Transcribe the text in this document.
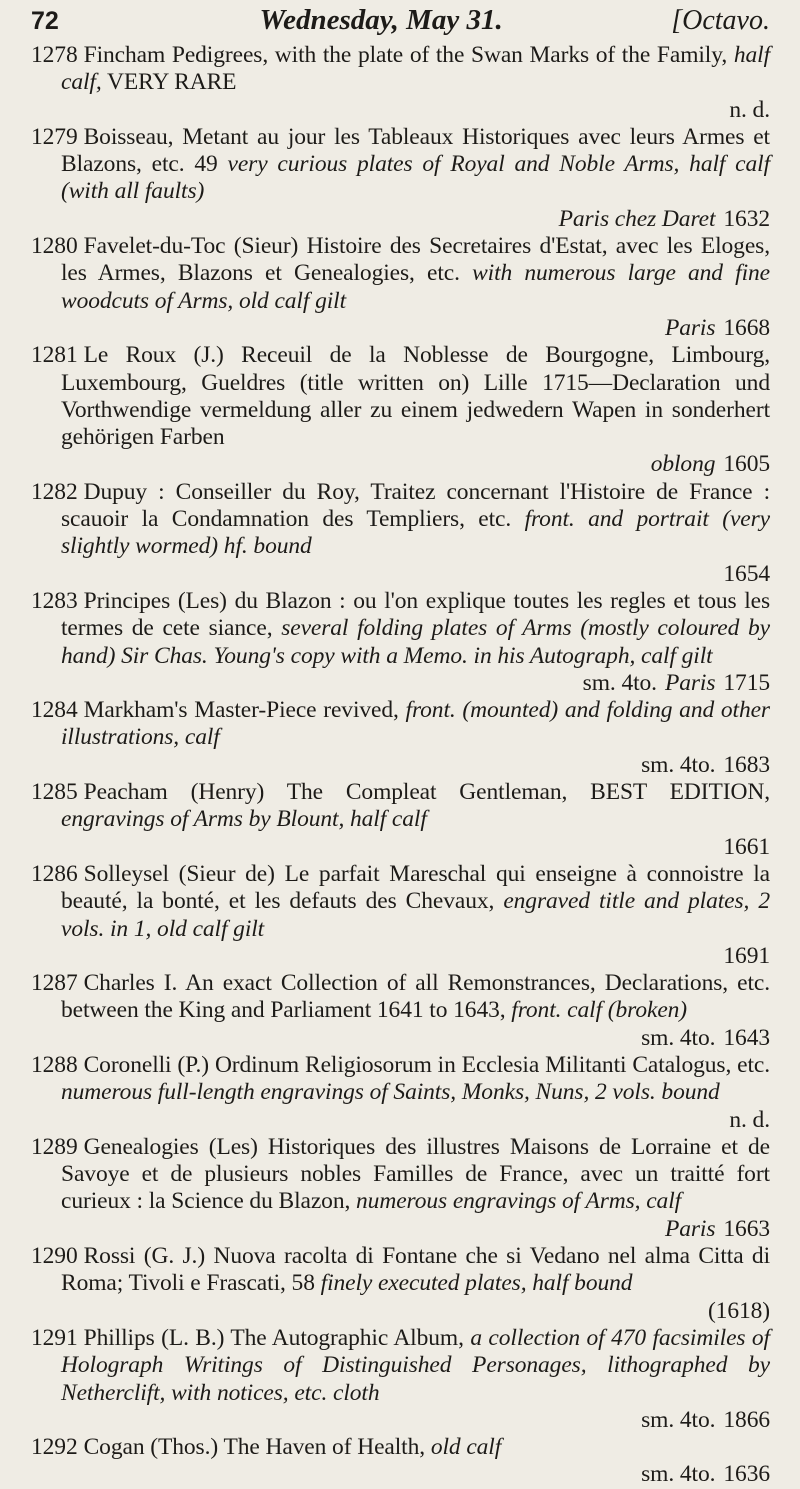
72	Wednesday, May 31.	[Octavo.
1278 Fincham Pedigrees, with the plate of the Swan Marks of the Family, half calf, VERY RARE
n. d.
1279 Boisseau, Metant au jour les Tableaux Historiques avec leurs Armes et Blazons, etc. 49 very curious plates of Royal and Noble Arms, half calf (with all faults)
Paris chez Daret 1632
1280 Favelet-du-Toc (Sieur) Histoire des Secretaires d'Estat, avec les Eloges, les Armes, Blazons et Genealogies, etc. with numerous large and fine woodcuts of Arms, old calf gilt
Paris 1668
1281 Le Roux (J.) Receuil de la Noblesse de Bourgogne, Limbourg, Luxembourg, Gueldres (title written on) Lille 1715—Declaration und Vorthwendige vermeldung aller zu einem jedwedern Wapen in sonderhert gehörigen Farben
oblong 1605
1282 Dupuy : Conseiller du Roy, Traitez concernant l'Histoire de France : scauoir la Condamnation des Templiers, etc. front. and portrait (very slightly wormed) hf. bound
1654
1283 Principes (Les) du Blazon : ou l'on explique toutes les regles et tous les termes de cete siance, several folding plates of Arms (mostly coloured by hand) Sir Chas. Young's copy with a Memo. in his Autograph, calf gilt
sm. 4to. Paris 1715
1284 Markham's Master-Piece revived, front. (mounted) and folding and other illustrations, calf
sm. 4to. 1683
1285 Peacham (Henry) The Compleat Gentleman, BEST EDITION, engravings of Arms by Blount, half calf
1661
1286 Solleysel (Sieur de) Le parfait Mareschal qui enseigne à connoistre la beauté, la bonté, et les defauts des Chevaux, engraved title and plates, 2 vols. in 1, old calf gilt
1691
1287 Charles I. An exact Collection of all Remonstrances, Declarations, etc. between the King and Parliament 1641 to 1643, front. calf (broken)
sm. 4to. 1643
1288 Coronelli (P.) Ordinum Religiosorum in Ecclesia Militanti Catalogus, etc. numerous full-length engravings of Saints, Monks, Nuns, 2 vols. bound
n. d.
1289 Genealogies (Les) Historiques des illustres Maisons de Lorraine et de Savoye et de plusieurs nobles Familles de France, avec un traitté fort curieux : la Science du Blazon, numerous engravings of Arms, calf
Paris 1663
1290 Rossi (G. J.) Nuova racolta di Fontane che si Vedano nel alma Citta di Roma; Tivoli e Frascati, 58 finely executed plates, half bound
(1618)
1291 Phillips (L. B.) The Autographic Album, a collection of 470 facsimiles of Holograph Writings of Distinguished Personages, lithographed by Netherclift, with notices, etc. cloth
sm. 4to. 1866
1292 Cogan (Thos.) The Haven of Health, old calf
sm. 4to. 1636
